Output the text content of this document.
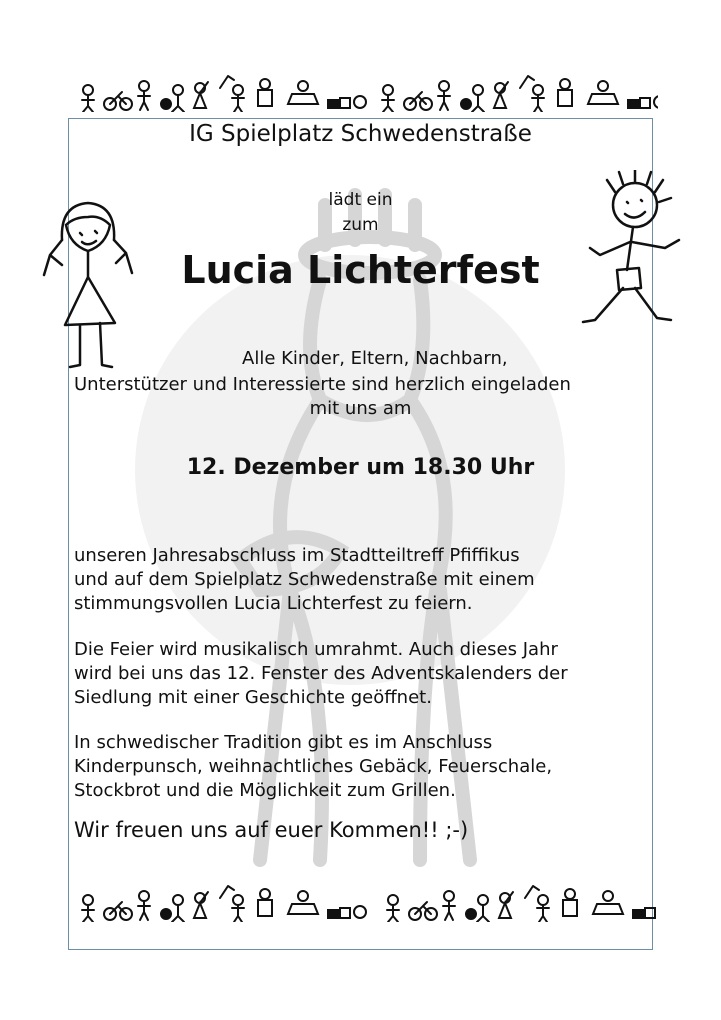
IG Spielplatz Schwedenstraße
lädt ein
zum
Lucia Lichterfest
Alle Kinder, Eltern, Nachbarn,
Unterstützer und Interessierte sind herzlich eingeladen
mit uns am
12. Dezember um 18.30 Uhr
unseren Jahresabschluss im Stadtteiltreff Pfiffikus
und auf dem Spielplatz Schwedenstraße mit einem
stimmungsvollen Lucia Lichterfest zu feiern.
Die Feier wird musikalisch umrahmt. Auch dieses Jahr
wird bei uns das 12. Fenster des Adventskalenders der
Siedlung mit einer Geschichte geöffnet.
In schwedischer Tradition gibt es im Anschluss
Kinderpunsch, weihnachtliches Gebäck, Feuerschale,
Stockbrot und die Möglichkeit zum Grillen.
Wir freuen uns auf euer Kommen!! ;-)
